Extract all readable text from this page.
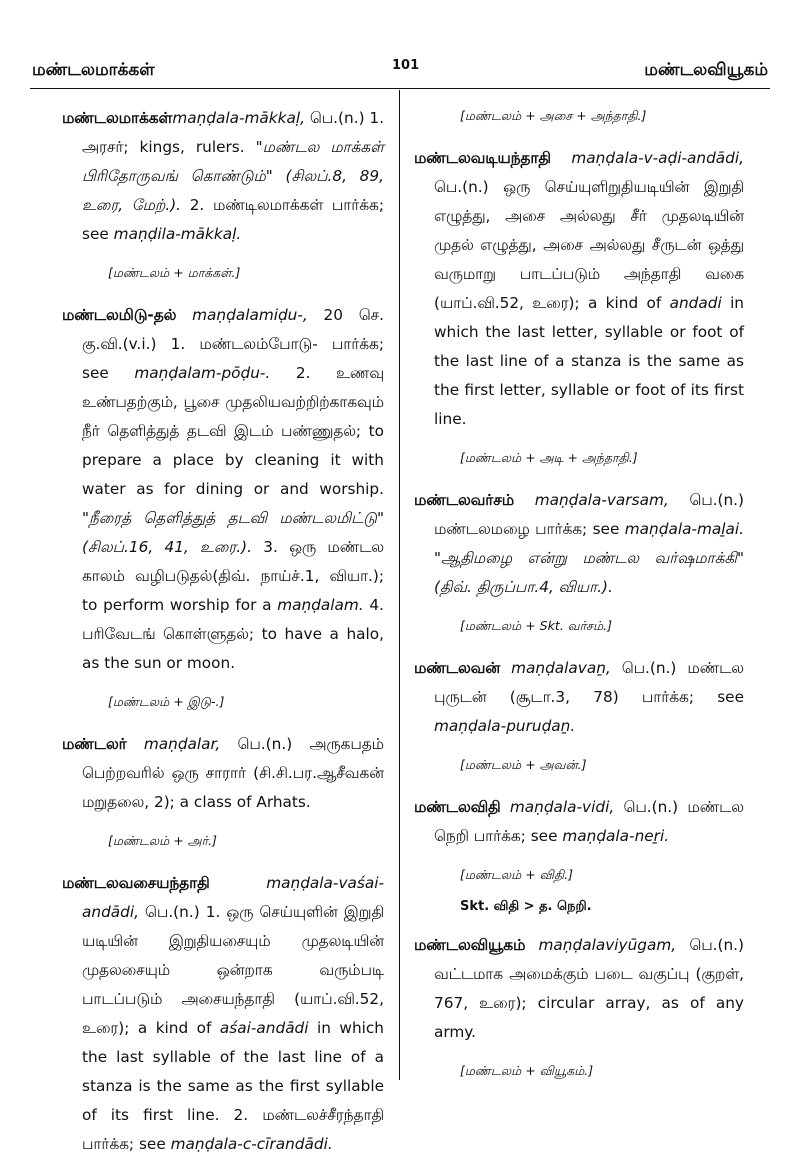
மண்டலமாக்கள்	101	மண்டலவியூகம்

மண்டலமாக்கள்maṇḍala-mākkaḷ, பெ.(n.) 1. அரசர்; kings, rulers. "மண்டல மாக்கள் பிரிதோருவங் கொண்டும்" (சிலப்.8, 89, உரை, மேற்.). 2. மண்டிலமாக்கள் பார்க்க; see maṇḍila-mākkaḷ.

[மண்டலம் + மாக்கள்.]

மண்டலமிடு-தல் maṇḍalamiḍu-, 20 செ. கு.வி.(v.i.) 1. மண்டலம்போடு- பார்க்க; see maṇḍalam-pōḍu-. 2. உணவு உண்பதற்கும், பூசை முதலியவற்றிற்காகவும் நீர் தெளித்துத் தடவி இடம் பண்ணுதல்; to prepare a place by cleaning it with water as for dining or and worship. "நீரைத் தெளித்துத் தடவி மண்டலமிட்டு" (சிலப்.16, 41, உரை.). 3. ஒரு மண்டல காலம் வழிபடுதல்(திவ். நாய்ச்.1, வியா.); to perform worship for a maṇḍalam. 4. பரிவேடங் கொள்ளுதல்; to have a halo, as the sun or moon.

[மண்டலம் + இடு-.]

மண்டலர் maṇḍalar, பெ.(n.) அருகபதம் பெற்றவரில் ஒரு சாரார் (சி.சி.பர.ஆசீவகன் மறுதலை, 2); a class of Arhats.

[மண்டலம் + அர்.]

மண்டலவசையந்தாதி	maṇḍala-vaśai-andādi, பெ.(n.) 1. ஒரு செய்யுளின் இறுதி யடியின் இறுதியசையும் முதலடியின் முதலசையும் ஒன்றாக வரும்படி பாடப்படும் அசையந்தாதி (யாப்.வி.52, உரை); a kind of aśai-andādi in which the last syllable of the last line of a stanza is the same as the first syllable of its first line. 2. மண்டலச்சீரந்தாதி பார்க்க; see maṇḍala-c-cīrandādi.

[மண்டலம் + அசை + அந்தாதி.]

மண்டலவடியந்தாதி maṇḍala-v-aḍi-andādi, பெ.(n.) ஒரு செய்யுளிறுதியடியின் இறுதி எழுத்து, அசை அல்லது சீர் முதலடியின் முதல் எழுத்து, அசை அல்லது சீருடன் ஒத்து வருமாறு பாடப்படும் அந்தாதி வகை (யாப்.வி.52, உரை); a kind of andadi in which the last letter, syllable or foot of the last line of a stanza is the same as the first letter, syllable or foot of its first line.

[மண்டலம் + அடி + அந்தாதி.]

மண்டலவர்சம் maṇḍala-varsam, பெ.(n.) மண்டலமழை பார்க்க; see maṇḍala-maḻai. "ஆதிமழை என்று மண்டல வர்ஷமாக்கி" (திவ். திருப்பா.4, வியா.).

[மண்டலம் + Skt. வர்சம்.]

மண்டலவன் maṇḍalavaṉ, பெ.(n.) மண்டல புருடன் (சூடா.3, 78) பார்க்க; see maṇḍala-puruḍaṉ.

[மண்டலம் + அவன்.]

மண்டலவிதி maṇḍala-vidi, பெ.(n.) மண்டல நெறி பார்க்க; see maṇḍala-neṟi.

[மண்டலம் + விதி.]
Skt. விதி > த. நெறி.

மண்டலவியூகம் maṇḍalaviyūgam, பெ.(n.) வட்டமாக அமைக்கும் படை வகுப்பு (குறள், 767, உரை); circular array, as of any army.

[மண்டலம் + வியூகம்.]
